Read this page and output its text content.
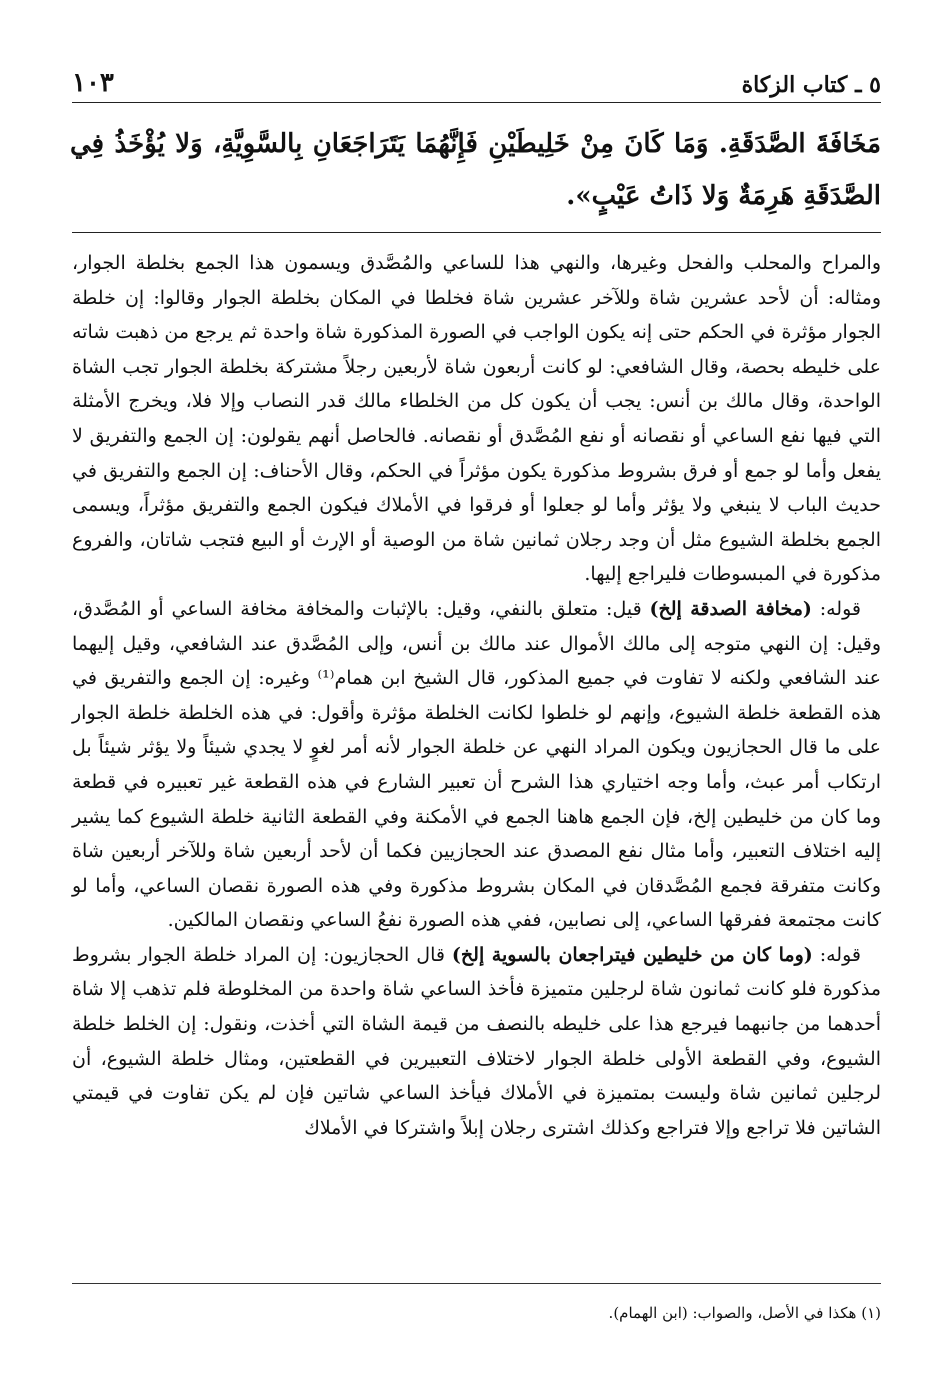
٥ ـ كتاب الزكاة
١٠٣
مَخَافَةَ الصَّدَقَةِ. وَمَا كَانَ مِنْ خَلِيطَيْنِ فَإِنَّهُمَا يَتَرَاجَعَانِ بِالسَّوِيَّةِ، وَلا يُؤْخَذُ فِي الصَّدَقَةِ هَرِمَةٌ وَلا ذَاتُ عَيْبٍ».

والمراح والمحلب والفحل وغيرها، والنهي هذا للساعي والمُصَّدق ويسمون هذا الجمع بخلطة الجوار، ومثاله: أن لأحد عشرين شاة وللآخر عشرين شاة فخلطا في المكان بخلطة الجوار وقالوا: إن خلطة الجوار مؤثرة في الحكم حتى إنه يكون الواجب في الصورة المذكورة شاة واحدة ثم يرجع من ذهبت شاته على خليطه بحصة، وقال الشافعي: لو كانت أربعون شاة لأربعين رجلاً مشتركة بخلطة الجوار تجب الشاة الواحدة، وقال مالك بن أنس: يجب أن يكون كل من الخلطاء مالك قدر النصاب وإلا فلا، ويخرج الأمثلة التي فيها نفع الساعي أو نقصانه أو نفع المُصَّدق أو نقصانه. فالحاصل أنهم يقولون: إن الجمع والتفريق لا يفعل وأما لو جمع أو فرق بشروط مذكورة يكون مؤثراً في الحكم، وقال الأحناف: إن الجمع والتفريق في حديث الباب لا ينبغي ولا يؤثر وأما لو جعلوا أو فرقوا في الأملاك فيكون الجمع والتفريق مؤثراً، ويسمى الجمع بخلطة الشيوع مثل أن وجد رجلان ثمانين شاة من الوصية أو الإرث أو البيع فتجب شاتان، والفروع مذكورة في المبسوطات فليراجع إليها.

قوله: (مخافة الصدقة إلخ) قيل: متعلق بالنفي، وقيل: بالإثبات والمخافة مخافة الساعي أو المُصَّدق، وقيل: إن النهي متوجه إلى مالك الأموال عند مالك بن أنس، وإلى المُصَّدق عند الشافعي، وقيل إليهما عند الشافعي ولكنه لا تفاوت في جميع المذكور، قال الشيخ ابن همام⁽¹⁾ وغيره: إن الجمع والتفريق في هذه القطعة خلطة الشيوع، وإنهم لو خلطوا لكانت الخلطة مؤثرة وأقول: في هذه الخلطة خلطة الجوار على ما قال الحجازيون ويكون المراد النهي عن خلطة الجوار لأنه أمر لغوٍ لا يجدي شيئاً ولا يؤثر شيئاً بل ارتكاب أمر عبث، وأما وجه اختياري هذا الشرح أن تعبير الشارع في هذه القطعة غير تعبيره في قطعة وما كان من خليطين إلخ، فإن الجمع هاهنا الجمع في الأمكنة وفي القطعة الثانية خلطة الشيوع كما يشير إليه اختلاف التعبير، وأما مثال نفع المصدق عند الحجازيين فكما أن لأحد أربعين شاة وللآخر أربعين شاة وكانت متفرقة فجمع المُصَّدقان في المكان بشروط مذكورة وفي هذه الصورة نقصان الساعي، وأما لو كانت مجتمعة ففرقها الساعي، إلى نصابين، ففي هذه الصورة نفعُ الساعي ونقصان المالكين.

قوله: (وما كان من خليطين فيتراجعان بالسوية إلخ) قال الحجازيون: إن المراد خلطة الجوار بشروط مذكورة فلو كانت ثمانون شاة لرجلين متميزة فأخذ الساعي شاة واحدة من المخلوطة فلم تذهب إلا شاة أحدهما من جانبهما فيرجع هذا على خليطه بالنصف من قيمة الشاة التي أخذت، ونقول: إن الخلط خلطة الشيوع، وفي القطعة الأولى خلطة الجوار لاختلاف التعبيرين في القطعتين، ومثال خلطة الشيوع، أن لرجلين ثمانين شاة وليست بمتميزة في الأملاك فيأخذ الساعي شاتين فإن لم يكن تفاوت في قيمتي الشاتين فلا تراجع وإلا فتراجع وكذلك اشترى رجلان إبلاً واشتركا في الأملاك

(١) هكذا في الأصل، والصواب: (ابن الهمام).
